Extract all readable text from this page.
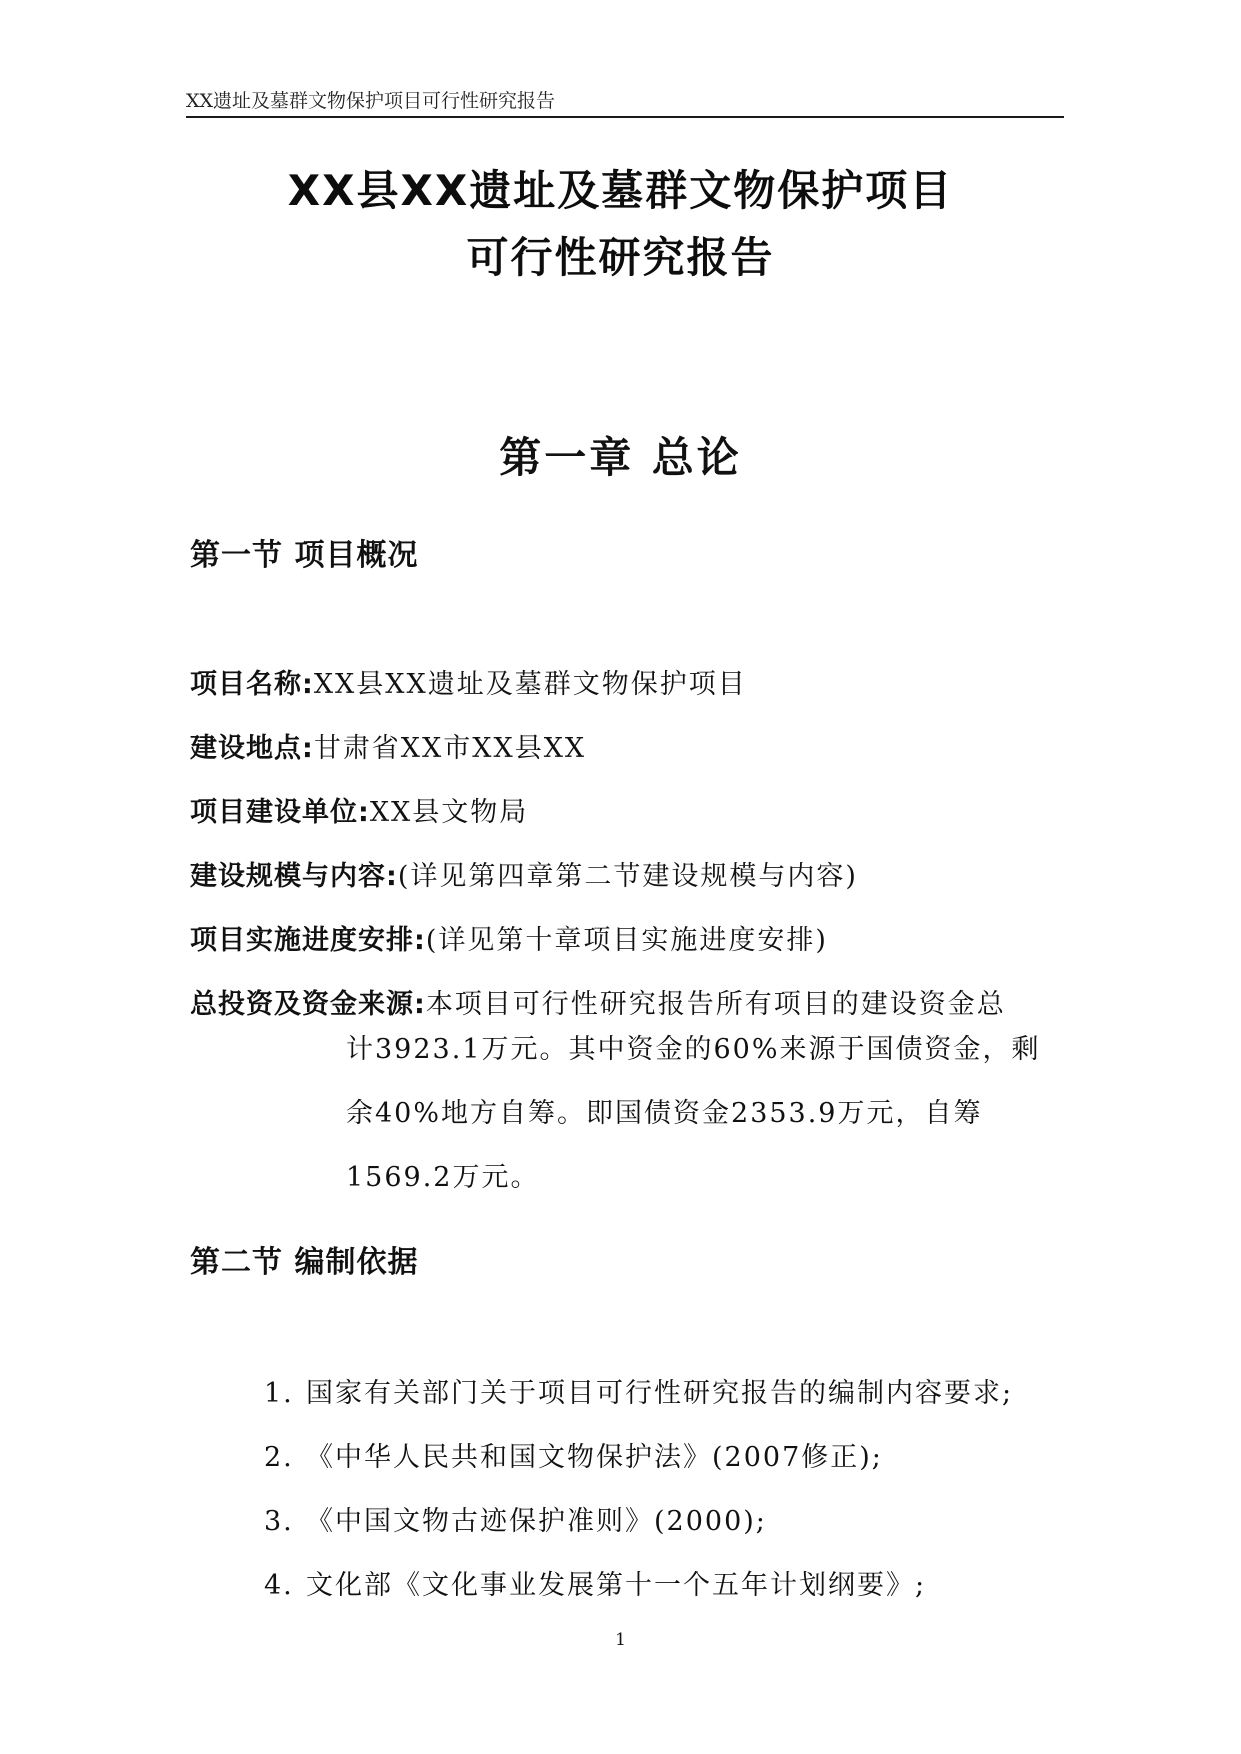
XX遗址及墓群文物保护项目可行性研究报告
XX县XX遗址及墓群文物保护项目
可行性研究报告
第一章 总论
第一节 项目概况
项目名称:XX县XX遗址及墓群文物保护项目
建设地点:甘肃省XX市XX县XX
项目建设单位:XX县文物局
建设规模与内容:(详见第四章第二节建设规模与内容)
项目实施进度安排:(详见第十章项目实施进度安排)
总投资及资金来源:本项目可行性研究报告所有项目的建设资金总
计3923.1万元。其中资金的60%来源于国债资金，剩余40%地方自筹。即国债资金2353.9万元，自筹1569.2万元。
第二节 编制依据
1. 国家有关部门关于项目可行性研究报告的编制内容要求;
2. 《中华人民共和国文物保护法》(2007修正);
3. 《中国文物古迹保护准则》(2000);
4. 文化部《文化事业发展第十一个五年计划纲要》;
1
